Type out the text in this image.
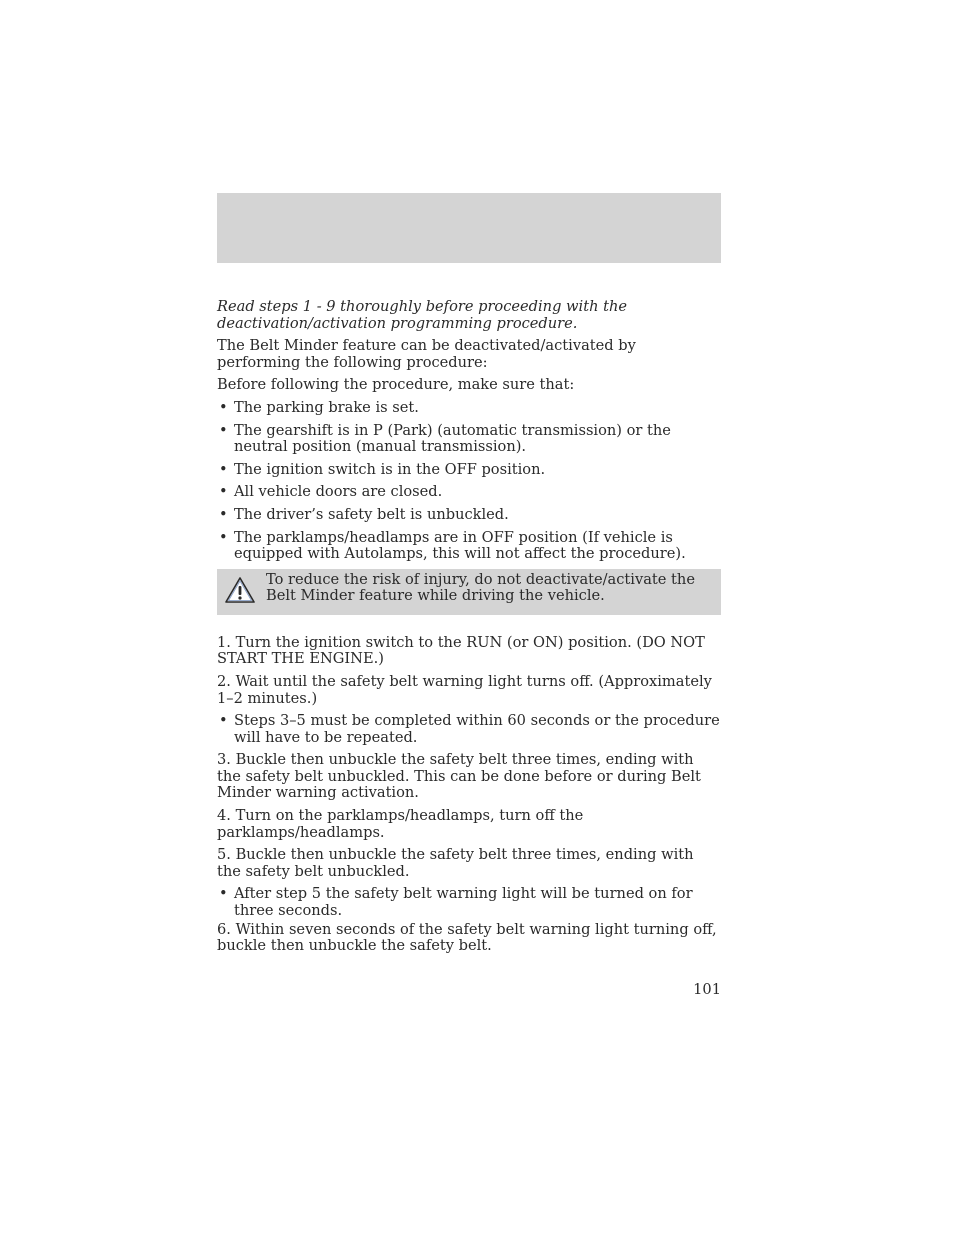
Read steps 1 - 9 thoroughly before proceeding with the deactivation/activation programming procedure.

The Belt Minder feature can be deactivated/activated by performing the following procedure:

Before following the procedure, make sure that:

• The parking brake is set.
• The gearshift is in P (Park) (automatic transmission) or the neutral position (manual transmission).
• The ignition switch is in the OFF position.
• All vehicle doors are closed.
• The driver’s safety belt is unbuckled.
• The parklamps/headlamps are in OFF position (If vehicle is equipped with Autolamps, this will not affect the procedure).
To reduce the risk of injury, do not deactivate/activate the Belt Minder feature while driving the vehicle.

1. Turn the ignition switch to the RUN (or ON) position. (DO NOT START THE ENGINE.)

2. Wait until the safety belt warning light turns off. (Approximately 1–2 minutes.)

• Steps 3–5 must be completed within 60 seconds or the procedure will have to be repeated.

3. Buckle then unbuckle the safety belt three times, ending with the safety belt unbuckled. This can be done before or during Belt Minder warning activation.

4. Turn on the parklamps/headlamps, turn off the parklamps/headlamps.

5. Buckle then unbuckle the safety belt three times, ending with the safety belt unbuckled.

• After step 5 the safety belt warning light will be turned on for three seconds.

6. Within seven seconds of the safety belt warning light turning off, buckle then unbuckle the safety belt.

101
